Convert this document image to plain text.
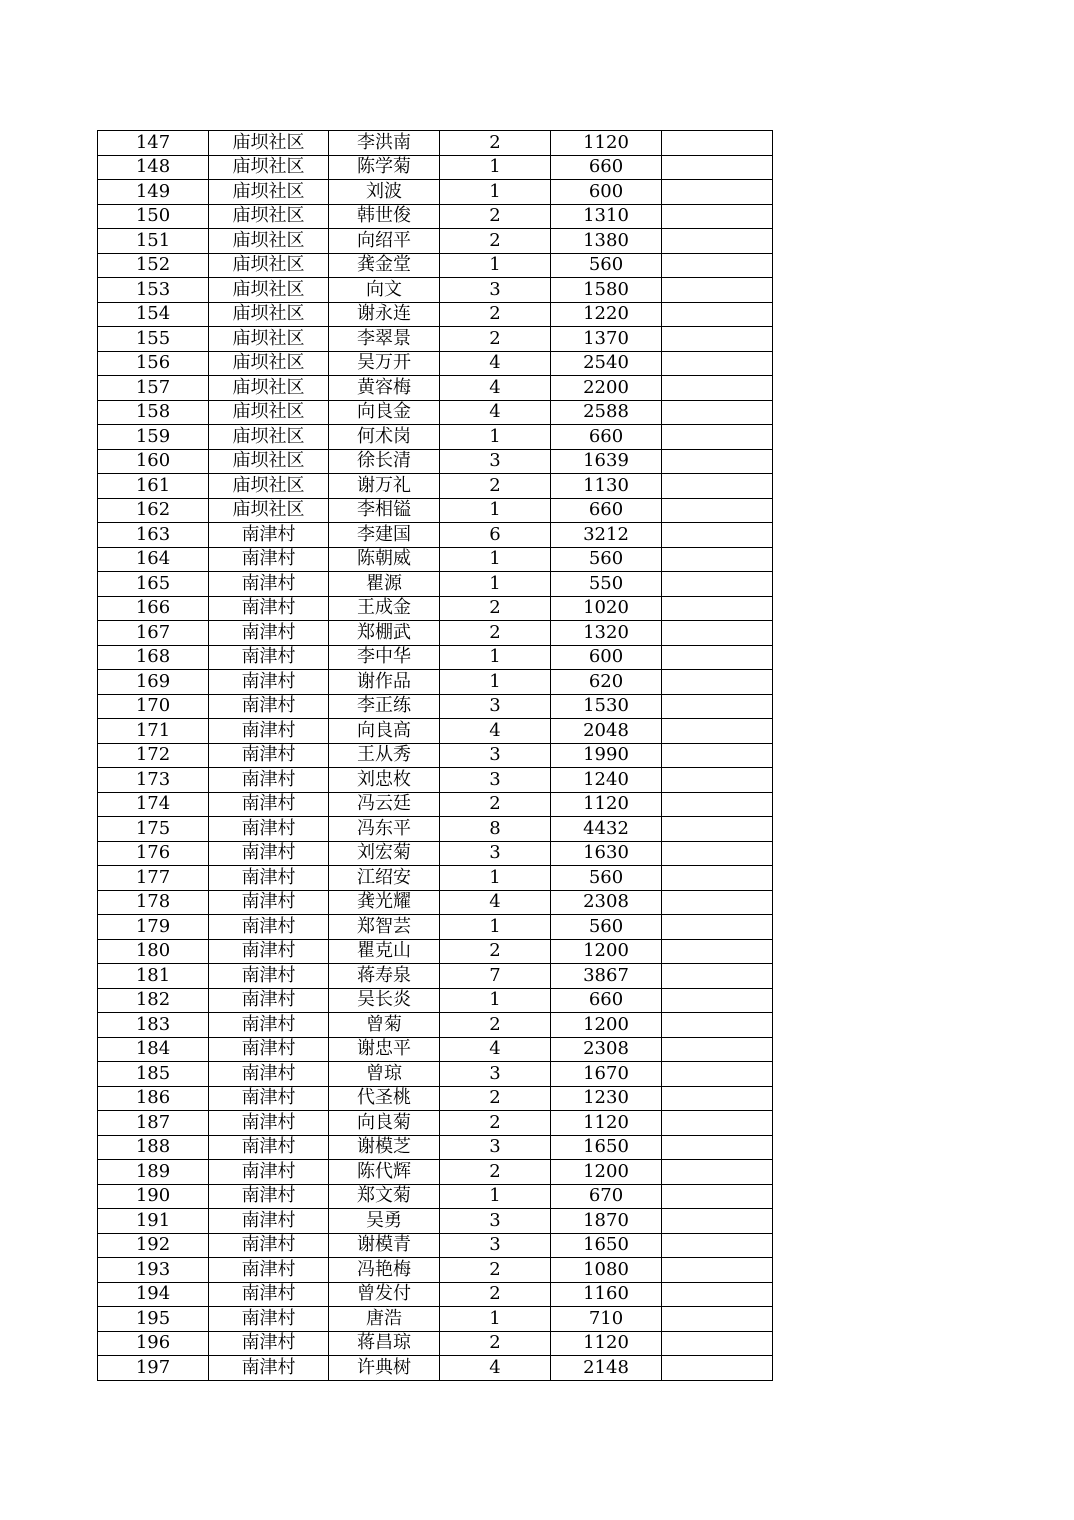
147	庙坝社区	李洪南	2	1120	
148	庙坝社区	陈学菊	1	660	
149	庙坝社区	刘波	1	600	
150	庙坝社区	韩世俊	2	1310	
151	庙坝社区	向绍平	2	1380	
152	庙坝社区	龚金堂	1	560	
153	庙坝社区	向文	3	1580	
154	庙坝社区	谢永连	2	1220	
155	庙坝社区	李翠景	2	1370	
156	庙坝社区	吴万开	4	2540	
157	庙坝社区	黄容梅	4	2200	
158	庙坝社区	向良金	4	2588	
159	庙坝社区	何术岗	1	660	
160	庙坝社区	徐长清	3	1639	
161	庙坝社区	谢万礼	2	1130	
162	庙坝社区	李相镒	1	660	
163	南津村	李建国	6	3212	
164	南津村	陈朝威	1	560	
165	南津村	瞿源	1	550	
166	南津村	王成金	2	1020	
167	南津村	郑棚武	2	1320	
168	南津村	李中华	1	600	
169	南津村	谢作品	1	620	
170	南津村	李正练	3	1530	
171	南津村	向良高	4	2048	
172	南津村	王从秀	3	1990	
173	南津村	刘忠枚	3	1240	
174	南津村	冯云廷	2	1120	
175	南津村	冯东平	8	4432	
176	南津村	刘宏菊	3	1630	
177	南津村	江绍安	1	560	
178	南津村	龚光耀	4	2308	
179	南津村	郑智芸	1	560	
180	南津村	瞿克山	2	1200	
181	南津村	蒋寿泉	7	3867	
182	南津村	吴长炎	1	660	
183	南津村	曾菊	2	1200	
184	南津村	谢忠平	4	2308	
185	南津村	曾琼	3	1670	
186	南津村	代圣桃	2	1230	
187	南津村	向良菊	2	1120	
188	南津村	谢模芝	3	1650	
189	南津村	陈代辉	2	1200	
190	南津村	郑文菊	1	670	
191	南津村	吴勇	3	1870	
192	南津村	谢模青	3	1650	
193	南津村	冯艳梅	2	1080	
194	南津村	曾发付	2	1160	
195	南津村	唐浩	1	710	
196	南津村	蒋昌琼	2	1120	
197	南津村	许典树	4	2148	
